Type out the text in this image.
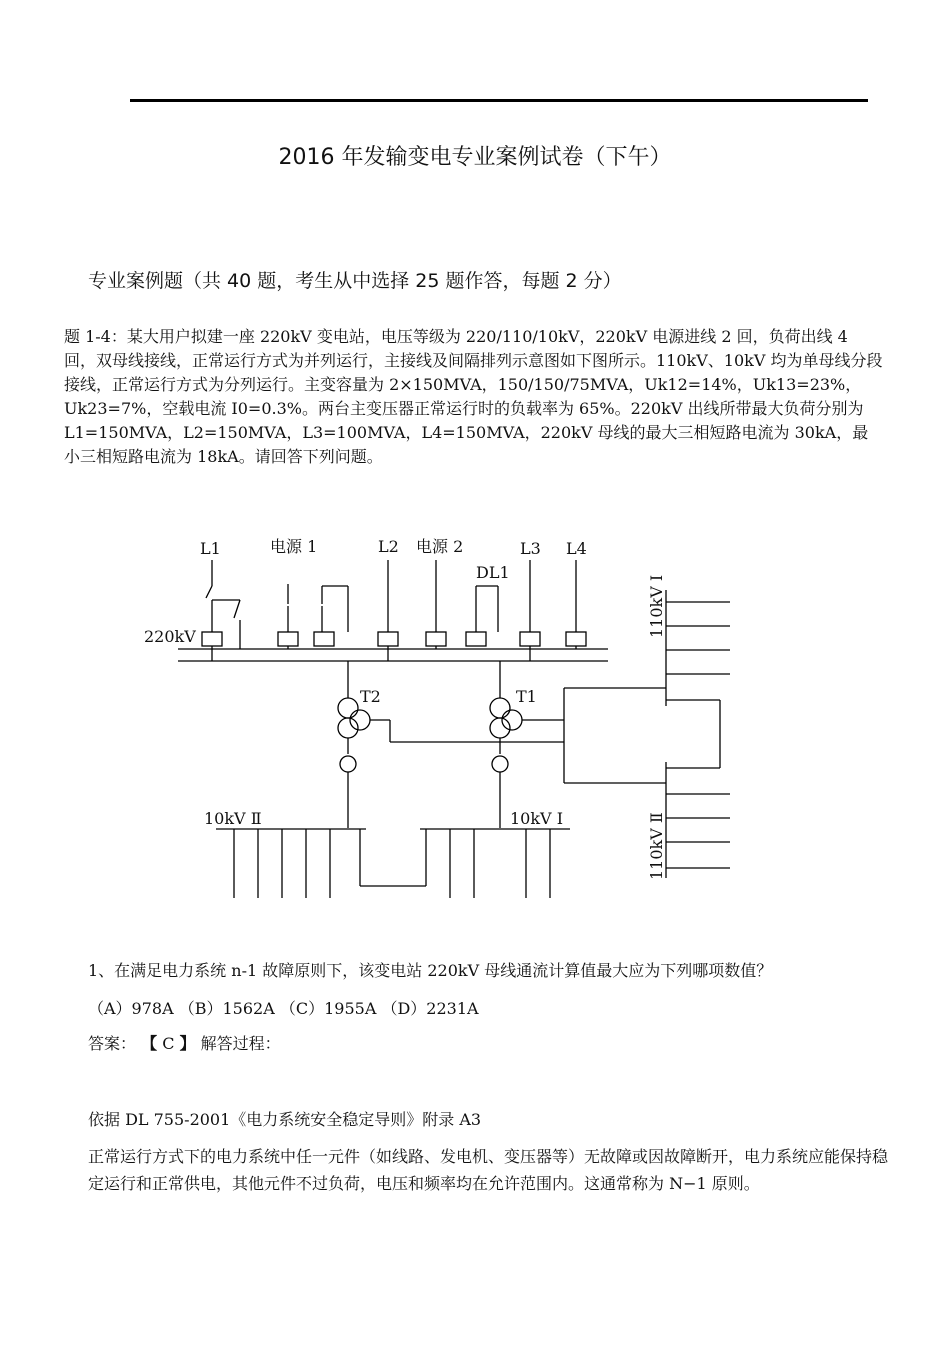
2016 年发输变电专业案例试卷（下午）
专业案例题（共 40 题，考生从中选择 25 题作答，每题 2 分）
题 1-4：某大用户拟建一座 220kV 变电站，电压等级为 220/110/10kV，220kV 电源进线 2 回，负荷出线 4 回，双母线接线，正常运行方式为并列运行，主接线及间隔排列示意图如下图所示。110kV、10kV 均为单母线分段接线，正常运行方式为分列运行。主变容量为 2×150MVA，150/150/75MVA，Uk12=14%，Uk13=23%，Uk23=7%，空载电流 I0=0.3%。两台主变压器正常运行时的负载率为 65%。220kV 出线所带最大负荷分别为 L1=150MVA，L2=150MVA，L3=100MVA，L4=150MVA，220kV 母线的最大三相短路电流为 30kA，最小三相短路电流为 18kA。请回答下列问题。
L1	电源 1	L2 电源 2
DL1
L3 L4
220kV
T2	T1
10kV Ⅱ	10kV Ⅰ
110kV Ⅰ
110kV Ⅱ
1、在满足电力系统 n-1 故障原则下，该变电站 220kV 母线通流计算值最大应为下列哪项数值？
（A）978A （B）1562A （C）1955A （D）2231A
答案： 【 C 】 解答过程：
依据 DL 755-2001《电力系统安全稳定导则》附录 A3
正常运行方式下的电力系统中任一元件（如线路、发电机、变压器等）无故障或因故障断开，电力系统应能保持稳定运行和正常供电，其他元件不过负荷，电压和频率均在允许范围内。这通常称为 N−1 原则。
